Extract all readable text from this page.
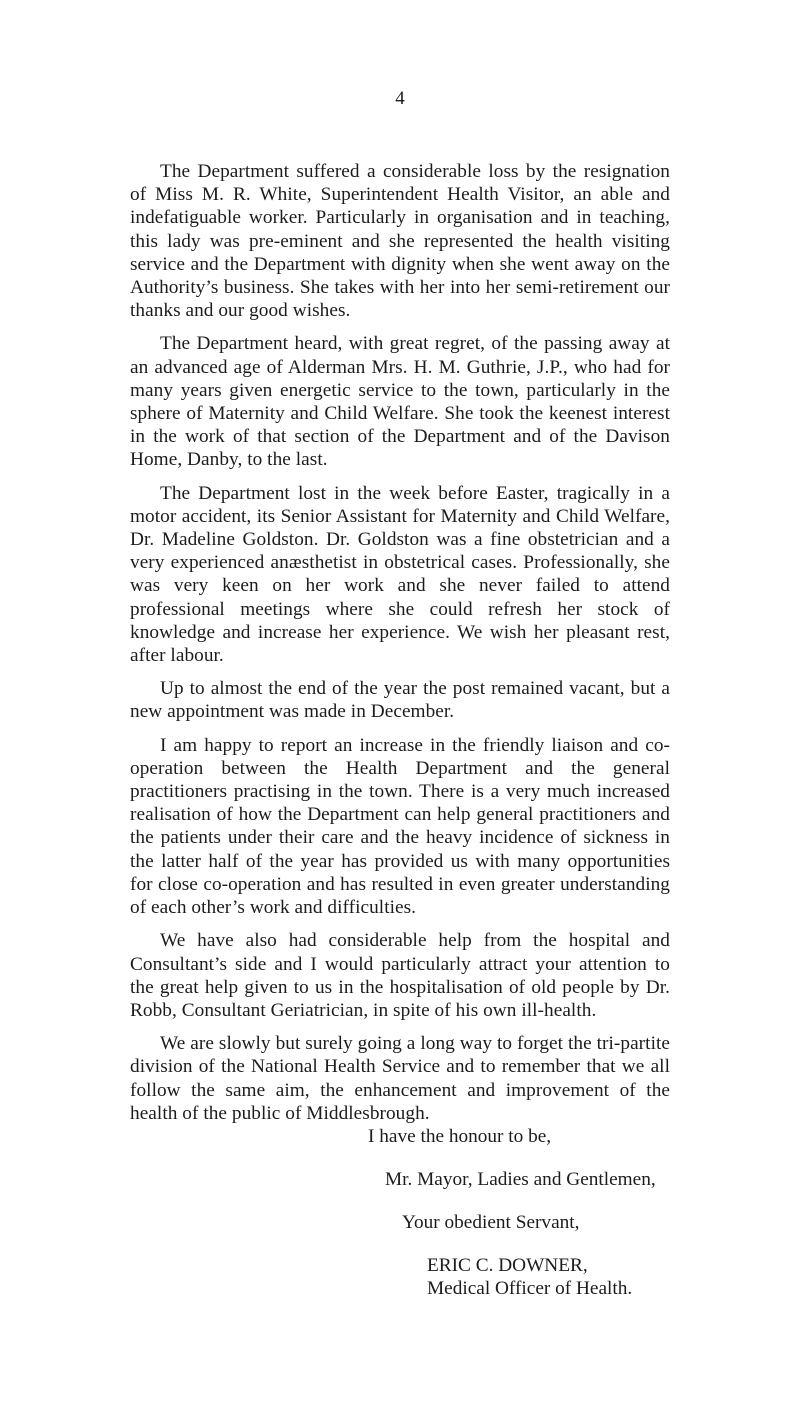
4

The Department suffered a considerable loss by the resignation of Miss M. R. White, Superintendent Health Visitor, an able and indefatiguable worker. Particularly in organisation and in teaching, this lady was pre-eminent and she represented the health visiting service and the Department with dignity when she went away on the Authority’s business. She takes with her into her semi-retirement our thanks and our good wishes.

The Department heard, with great regret, of the passing away at an advanced age of Alderman Mrs. H. M. Guthrie, J.P., who had for many years given energetic service to the town, particularly in the sphere of Maternity and Child Welfare. She took the keenest interest in the work of that section of the Department and of the Davison Home, Danby, to the last.

The Department lost in the week before Easter, tragically in a motor accident, its Senior Assistant for Maternity and Child Welfare, Dr. Madeline Goldston. Dr. Goldston was a fine obstetrician and a very experienced anæsthetist in obstetrical cases. Professionally, she was very keen on her work and she never failed to attend professional meetings where she could refresh her stock of knowledge and increase her experience. We wish her pleasant rest, after labour.

Up to almost the end of the year the post remained vacant, but a new appointment was made in December.

I am happy to report an increase in the friendly liaison and co-operation between the Health Department and the general practitioners practising in the town. There is a very much increased realisation of how the Department can help general practitioners and the patients under their care and the heavy incidence of sickness in the latter half of the year has provided us with many opportunities for close co-operation and has resulted in even greater understanding of each other’s work and difficulties.

We have also had considerable help from the hospital and Consultant’s side and I would particularly attract your attention to the great help given to us in the hospitalisation of old people by Dr. Robb, Consultant Geriatrician, in spite of his own ill-health.

We are slowly but surely going a long way to forget the tri-partite division of the National Health Service and to remember that we all follow the same aim, the enhancement and improvement of the health of the public of Middlesbrough.

I have the honour to be,

Mr. Mayor, Ladies and Gentlemen,

Your obedient Servant,

ERIC C. DOWNER,

Medical Officer of Health.
